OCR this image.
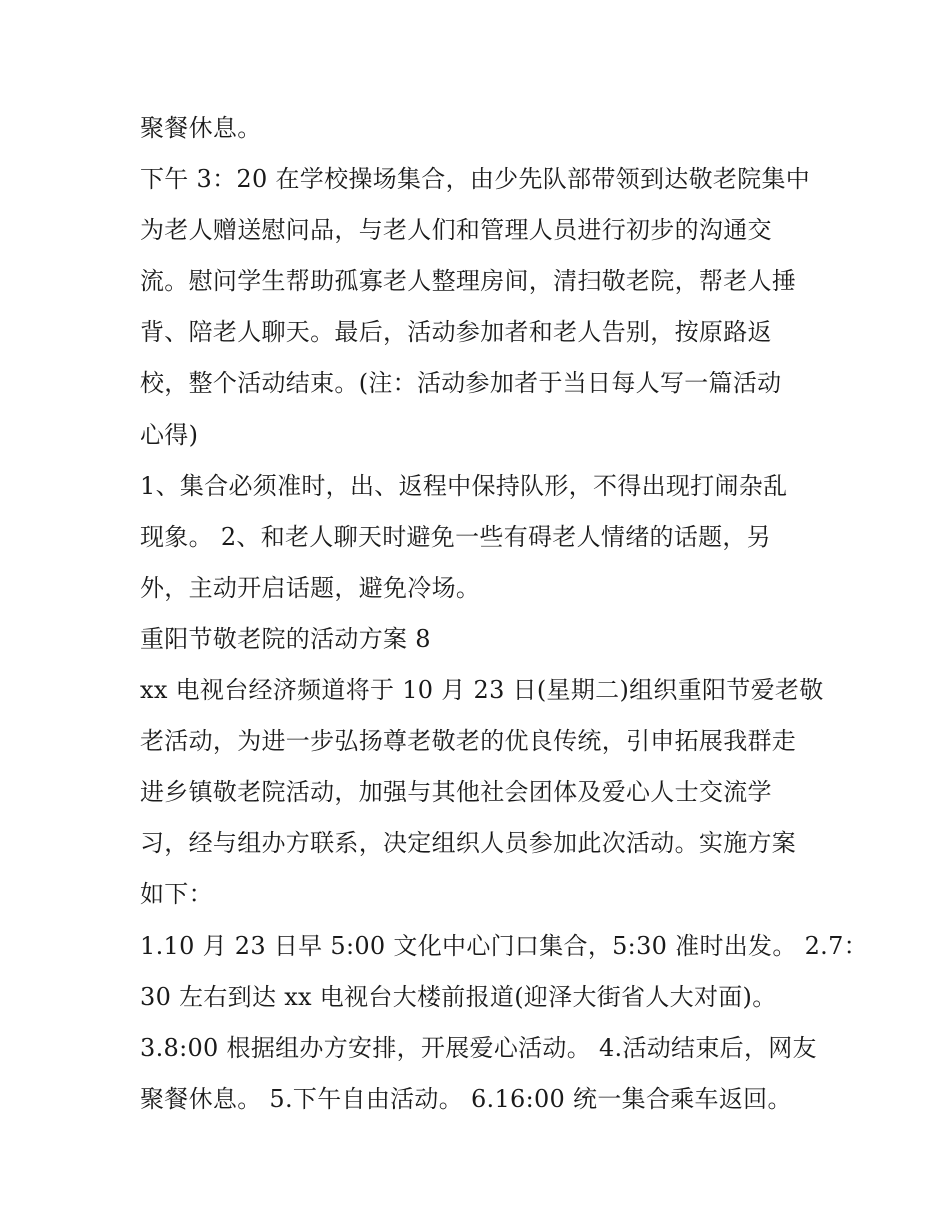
聚餐休息。
下午 3：20 在学校操场集合，由少先队部带领到达敬老院集中
为老人赠送慰问品，与老人们和管理人员进行初步的沟通交
流。慰问学生帮助孤寡老人整理房间，清扫敬老院，帮老人捶
背、陪老人聊天。最后，活动参加者和老人告别，按原路返
校，整个活动结束。(注：活动参加者于当日每人写一篇活动
心得)
1、集合必须准时，出、返程中保持队形，不得出现打闹杂乱
现象。 2、和老人聊天时避免一些有碍老人情绪的话题，另
外，主动开启话题，避免冷场。
重阳节敬老院的活动方案 8
xx 电视台经济频道将于 10 月 23 日(星期二)组织重阳节爱老敬
老活动，为进一步弘扬尊老敬老的优良传统，引申拓展我群走
进乡镇敬老院活动，加强与其他社会团体及爱心人士交流学
习，经与组办方联系，决定组织人员参加此次活动。实施方案
如下：
1.10 月 23 日早 5:00 文化中心门口集合，5:30 准时出发。 2.7：
30 左右到达 xx 电视台大楼前报道(迎泽大街省人大对面)。
3.8:00 根据组办方安排，开展爱心活动。 4.活动结束后，网友
聚餐休息。 5.下午自由活动。 6.16:00 统一集合乘车返回。
